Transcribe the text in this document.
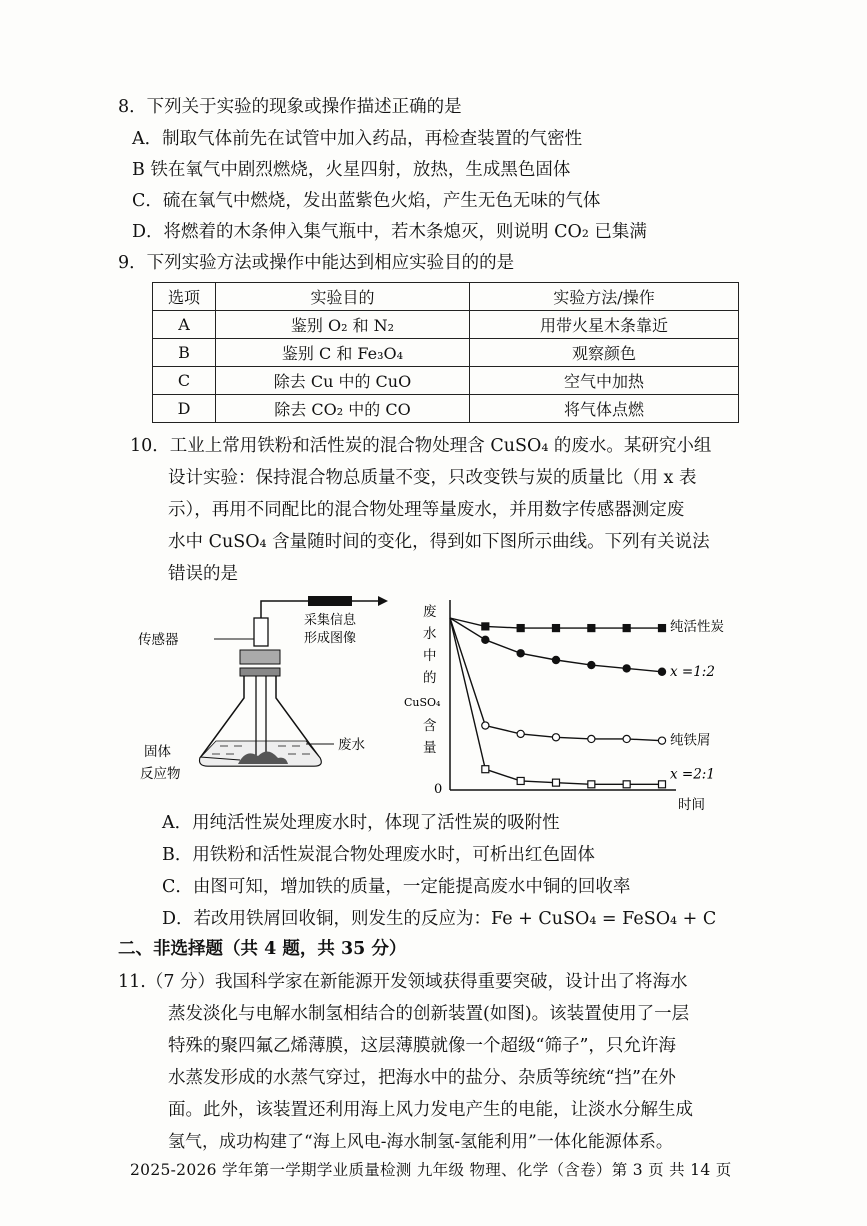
8．下列关于实验的现象或操作描述正确的是
A．制取气体前先在试管中加入药品，再检查装置的气密性
B 铁在氧气中剧烈燃烧，火星四射，放热，生成黑色固体
C．硫在氧气中燃烧，发出蓝紫色火焰，产生无色无味的气体
D．将燃着的木条伸入集气瓶中，若木条熄灭，则说明 CO₂ 已集满
9．下列实验方法或操作中能达到相应实验目的的是
选项	实验目的	实验方法/操作
A	鉴别 O₂ 和 N₂	用带火星木条靠近
B	鉴别 C 和 Fe₃O₄	观察颜色
C	除去 Cu 中的 CuO	空气中加热
D	除去 CO₂ 中的 CO	将气体点燃
10．工业上常用铁粉和活性炭的混合物处理含 CuSO₄ 的废水。某研究小组
设计实验：保持混合物总质量不变，只改变铁与炭的质量比（用 x 表
示），再用不同配比的混合物处理等量废水，并用数字传感器测定废
水中 CuSO₄ 含量随时间的变化，得到如下图所示曲线。下列有关说法
错误的是
采集信息
形成图像
传感器
固体
反应物
废水
废
水
中
的
CuSO₄
含
量
0
时间
纯活性炭
x =1:2
纯铁屑
x =2:1
A．用纯活性炭处理废水时，体现了活性炭的吸附性
B．用铁粉和活性炭混合物处理废水时，可析出红色固体
C．由图可知，增加铁的质量，一定能提高废水中铜的回收率
D．若改用铁屑回收铜，则发生的反应为：Fe + CuSO₄ = FeSO₄ + C
二、非选择题（共 4 题，共 35 分）
11.（7 分）我国科学家在新能源开发领域获得重要突破，设计出了将海水
蒸发淡化与电解水制氢相结合的创新装置(如图)。该装置使用了一层
特殊的聚四氟乙烯薄膜，这层薄膜就像一个超级“筛子”，只允许海
水蒸发形成的水蒸气穿过，把海水中的盐分、杂质等统统“挡”在外
面。此外，该装置还利用海上风力发电产生的电能，让淡水分解生成
氢气，成功构建了“海上风电-海水制氢-氢能利用”一体化能源体系。
2025-2026 学年第一学期学业质量检测 九年级 物理、化学（含卷）第 3 页 共 14 页
